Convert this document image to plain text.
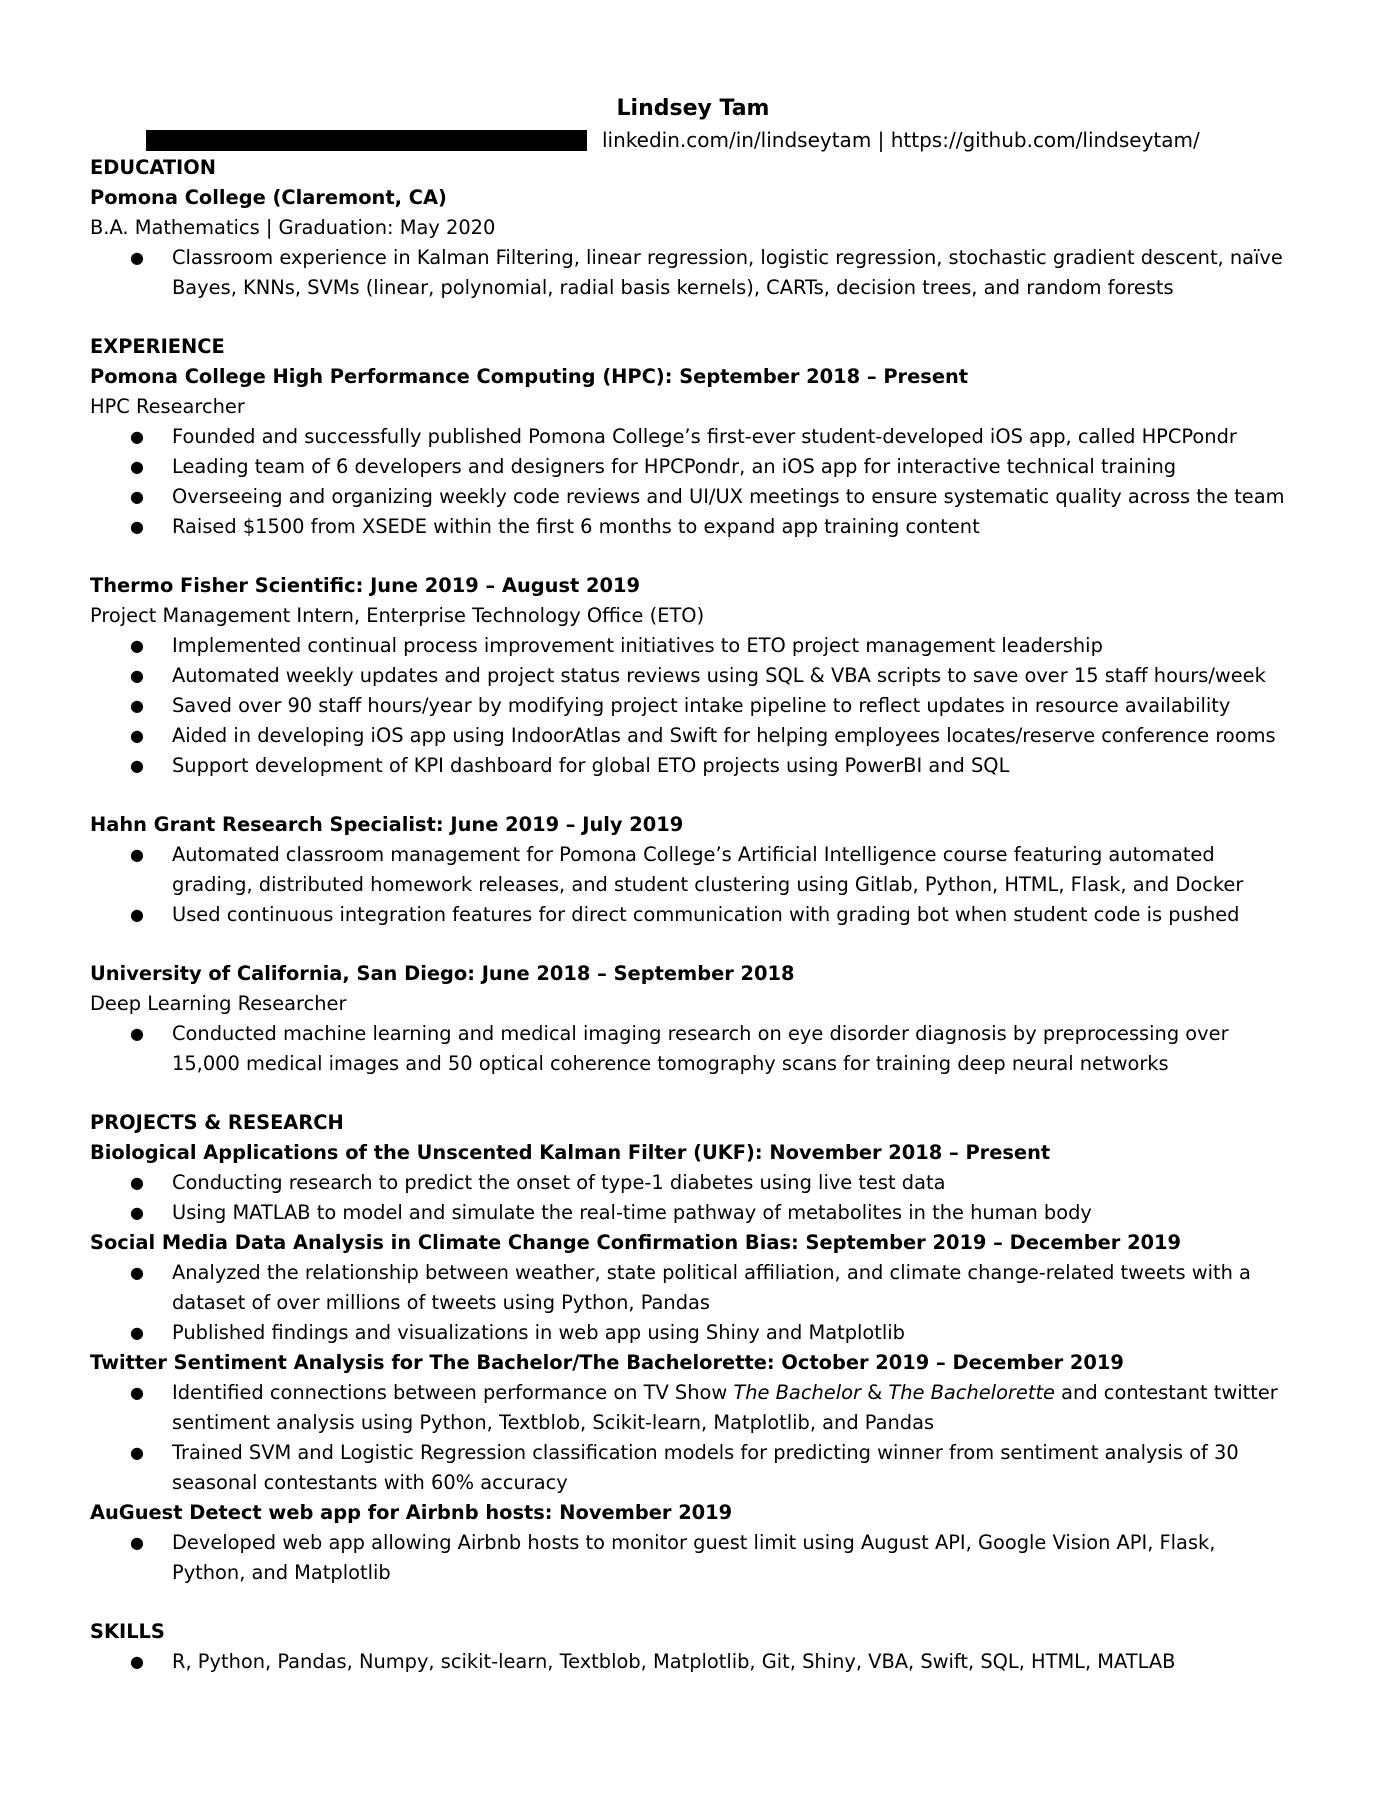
Lindsey Tam
linkedin.com/in/lindseytam | https://github.com/lindseytam/
EDUCATION
Pomona College (Claremont, CA)
B.A. Mathematics | Graduation: May 2020
●	Classroom experience in Kalman Filtering, linear regression, logistic regression, stochastic gradient descent, naïve
Bayes, KNNs, SVMs (linear, polynomial, radial basis kernels), CARTs, decision trees, and random forests
EXPERIENCE
Pomona College High Performance Computing (HPC): September 2018 – Present
HPC Researcher
●	Founded and successfully published Pomona College’s first-ever student-developed iOS app, called HPCPondr
●	Leading team of 6 developers and designers for HPCPondr, an iOS app for interactive technical training
●	Overseeing and organizing weekly code reviews and UI/UX meetings to ensure systematic quality across the team
●	Raised $1500 from XSEDE within the first 6 months to expand app training content
Thermo Fisher Scientific: June 2019 – August 2019
Project Management Intern, Enterprise Technology Office (ETO)
●	Implemented continual process improvement initiatives to ETO project management leadership
●	Automated weekly updates and project status reviews using SQL & VBA scripts to save over 15 staff hours/week
●	Saved over 90 staff hours/year by modifying project intake pipeline to reflect updates in resource availability
●	Aided in developing iOS app using IndoorAtlas and Swift for helping employees locates/reserve conference rooms
●	Support development of KPI dashboard for global ETO projects using PowerBI and SQL
Hahn Grant Research Specialist: June 2019 – July 2019
●	Automated classroom management for Pomona College’s Artificial Intelligence course featuring automated
grading, distributed homework releases, and student clustering using Gitlab, Python, HTML, Flask, and Docker
●	Used continuous integration features for direct communication with grading bot when student code is pushed
University of California, San Diego: June 2018 – September 2018
Deep Learning Researcher
●	Conducted machine learning and medical imaging research on eye disorder diagnosis by preprocessing over
15,000 medical images and 50 optical coherence tomography scans for training deep neural networks
PROJECTS & RESEARCH
Biological Applications of the Unscented Kalman Filter (UKF): November 2018 – Present
●	Conducting research to predict the onset of type-1 diabetes using live test data
●	Using MATLAB to model and simulate the real-time pathway of metabolites in the human body
Social Media Data Analysis in Climate Change Confirmation Bias: September 2019 – December 2019
●	Analyzed the relationship between weather, state political affiliation, and climate change-related tweets with a
dataset of over millions of tweets using Python, Pandas
●	Published findings and visualizations in web app using Shiny and Matplotlib
Twitter Sentiment Analysis for The Bachelor/The Bachelorette: October 2019 – December 2019
●	Identified connections between performance on TV Show The Bachelor & The Bachelorette and contestant twitter
sentiment analysis using Python, Textblob, Scikit-learn, Matplotlib, and Pandas
●	Trained SVM and Logistic Regression classification models for predicting winner from sentiment analysis of 30
seasonal contestants with 60% accuracy
AuGuest Detect web app for Airbnb hosts: November 2019
●	Developed web app allowing Airbnb hosts to monitor guest limit using August API, Google Vision API, Flask,
Python, and Matplotlib
SKILLS
●	R, Python, Pandas, Numpy, scikit-learn, Textblob, Matplotlib, Git, Shiny, VBA, Swift, SQL, HTML, MATLAB
